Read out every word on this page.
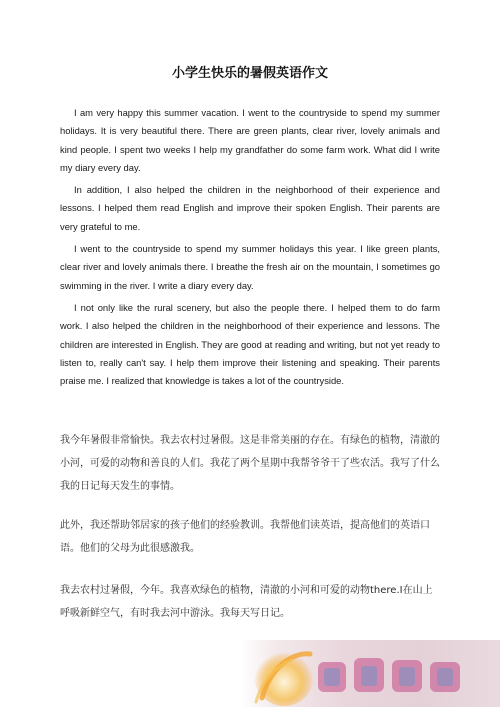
小学生快乐的暑假英语作文

I am very happy this summer vacation. I went to the countryside to spend my summer holidays. It is very beautiful there. There are green plants, clear river, lovely animals and kind people. I spent two weeks I help my grandfather do some farm work. What did I write my diary every day.

In addition, I also helped the children in the neighborhood of their experience and lessons. I helped them read English and improve their spoken English. Their parents are very grateful to me.

I went to the countryside to spend my summer holidays this year. I like green plants, clear river and lovely animals there. I breathe the fresh air on the mountain, I sometimes go swimming in the river. I write a diary every day.

I not only like the rural scenery, but also the people there. I helped them to do farm work. I also helped the children in the neighborhood of their experience and lessons. The children are interested in English. They are good at reading and writing, but not yet ready to listen to, really can't say. I help them improve their listening and speaking. Their parents praise me. I realized that knowledge is takes a lot of the countryside.

我今年暑假非常愉快。我去农村过暑假。这是非常美丽的存在。有绿色的植物，清澈的小河，可爱的动物和善良的人们。我花了两个星期中我帮爷爷干了些农活。我写了什么我的日记每天发生的事情。

此外，我还帮助邻居家的孩子他们的经验教训。我帮他们读英语，提高他们的英语口语。他们的父母为此很感激我。

我去农村过暑假，今年。我喜欢绿色的植物，清澈的小河和可爱的动物there.I在山上呼吸新鲜空气，有时我去河中游泳。我每天写日记。
